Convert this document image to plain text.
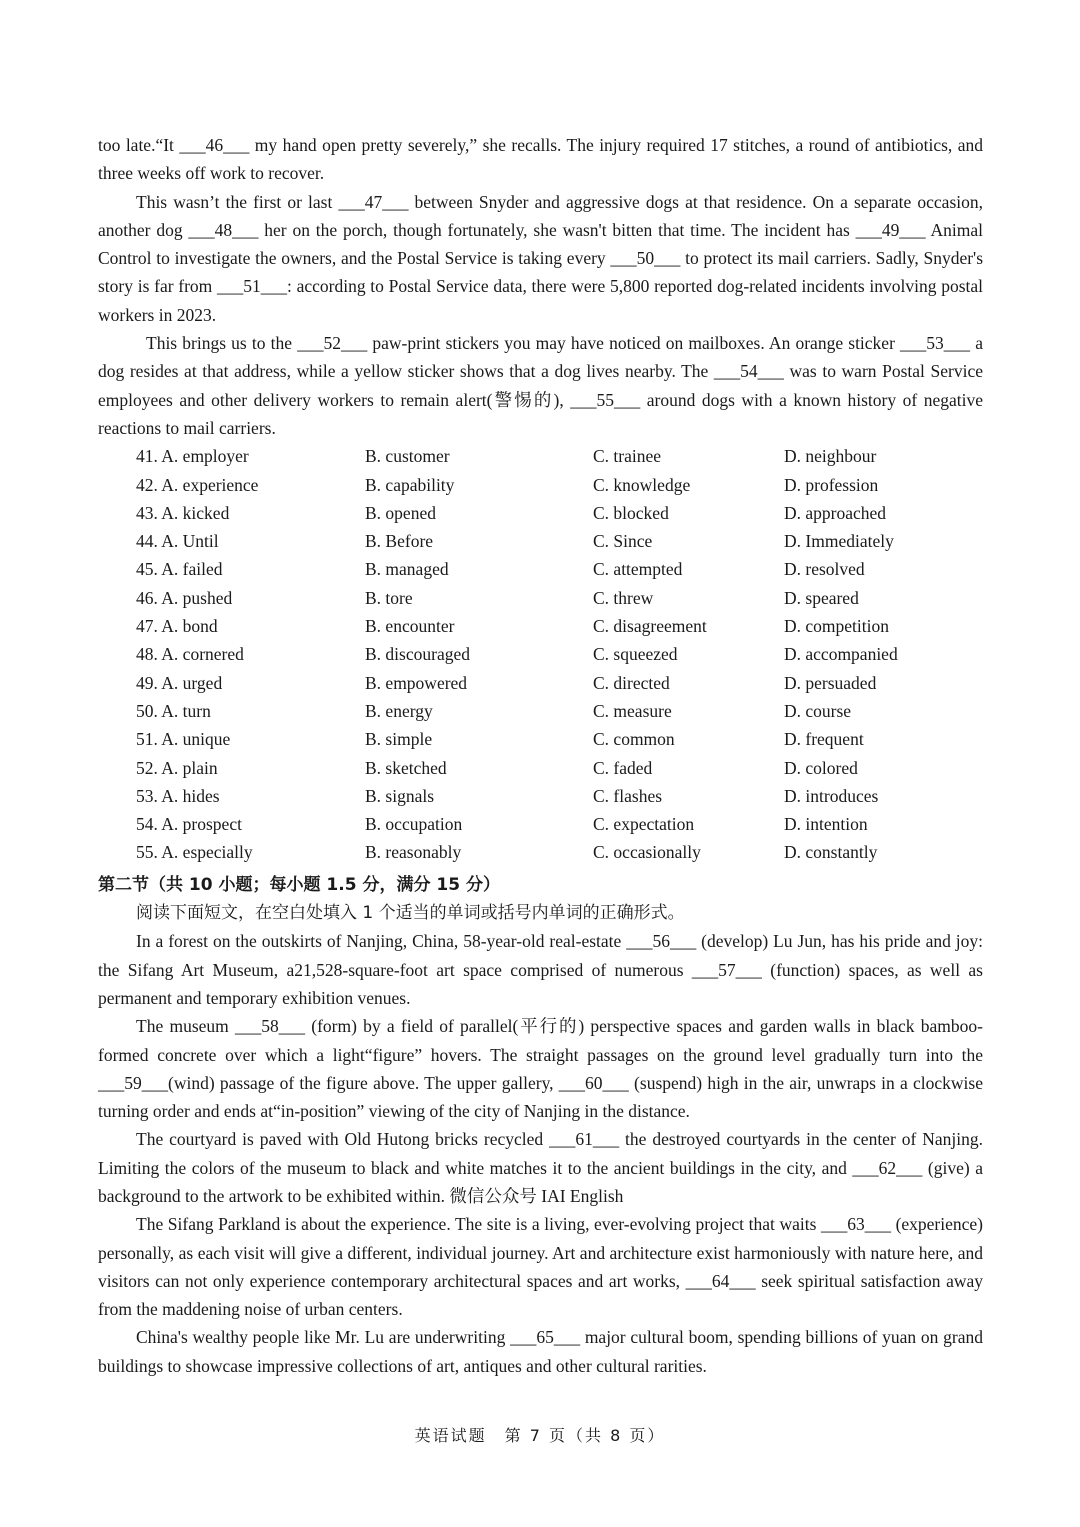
too late.“It ___46___ my hand open pretty severely,” she recalls. The injury required 17 stitches, a round of antibiotics, and three weeks off work to recover.

This wasn’t the first or last ___47___ between Snyder and aggressive dogs at that residence. On a separate occasion, another dog ___48___ her on the porch, though fortunately, she wasn't bitten that time. The incident has ___49___ Animal Control to investigate the owners, and the Postal Service is taking every ___50___ to protect its mail carriers. Sadly, Snyder's story is far from ___51___: according to Postal Service data, there were 5,800 reported dog-related incidents involving postal workers in 2023.

This brings us to the ___52___ paw-print stickers you may have noticed on mailboxes. An orange sticker ___53___ a dog resides at that address, while a yellow sticker shows that a dog lives nearby. The ___54___ was to warn Postal Service employees and other delivery workers to remain alert(警惕的), ___55___ around dogs with a known history of negative reactions to mail carriers.

41. A. employer	B. customer	C. trainee	D. neighbour
42. A. experience	B. capability	C. knowledge	D. profession
43. A. kicked	B. opened	C. blocked	D. approached
44. A. Until	B. Before	C. Since	D. Immediately
45. A. failed	B. managed	C. attempted	D. resolved
46. A. pushed	B. tore	C. threw	D. speared
47. A. bond	B. encounter	C. disagreement	D. competition
48. A. cornered	B. discouraged	C. squeezed	D. accompanied
49. A. urged	B. empowered	C. directed	D. persuaded
50. A. turn	B. energy	C. measure	D. course
51. A. unique	B. simple	C. common	D. frequent
52. A. plain	B. sketched	C. faded	D. colored
53. A. hides	B. signals	C. flashes	D. introduces
54. A. prospect	B. occupation	C. expectation	D. intention
55. A. especially	B. reasonably	C. occasionally	D. constantly

第二节（共 10 小题；每小题 1.5 分，满分 15 分）

阅读下面短文，在空白处填入 1 个适当的单词或括号内单词的正确形式。

In a forest on the outskirts of Nanjing, China, 58-year-old real-estate ___56___ (develop) Lu Jun, has his pride and joy: the Sifang Art Museum, a21,528-square-foot art space comprised of numerous ___57___ (function) spaces, as well as permanent and temporary exhibition venues.

The museum ___58___ (form) by a field of parallel(平行的) perspective spaces and garden walls in black bamboo-formed concrete over which a light“figure” hovers. The straight passages on the ground level gradually turn into the ___59___(wind) passage of the figure above. The upper gallery, ___60___ (suspend) high in the air, unwraps in a clockwise turning order and ends at“in-position” viewing of the city of Nanjing in the distance.

The courtyard is paved with Old Hutong bricks recycled ___61___ the destroyed courtyards in the center of Nanjing. Limiting the colors of the museum to black and white matches it to the ancient buildings in the city, and ___62___ (give) a background to the artwork to be exhibited within. 微信公众号 IAI English

The Sifang Parkland is about the experience. The site is a living, ever-evolving project that waits ___63___ (experience) personally, as each visit will give a different, individual journey. Art and architecture exist harmoniously with nature here, and visitors can not only experience contemporary architectural spaces and art works, ___64___ seek spiritual satisfaction away from the maddening noise of urban centers.

China's wealthy people like Mr. Lu are underwriting ___65___ major cultural boom, spending billions of yuan on grand buildings to showcase impressive collections of art, antiques and other cultural rarities.

英语试题　第 7 页（共 8 页）
